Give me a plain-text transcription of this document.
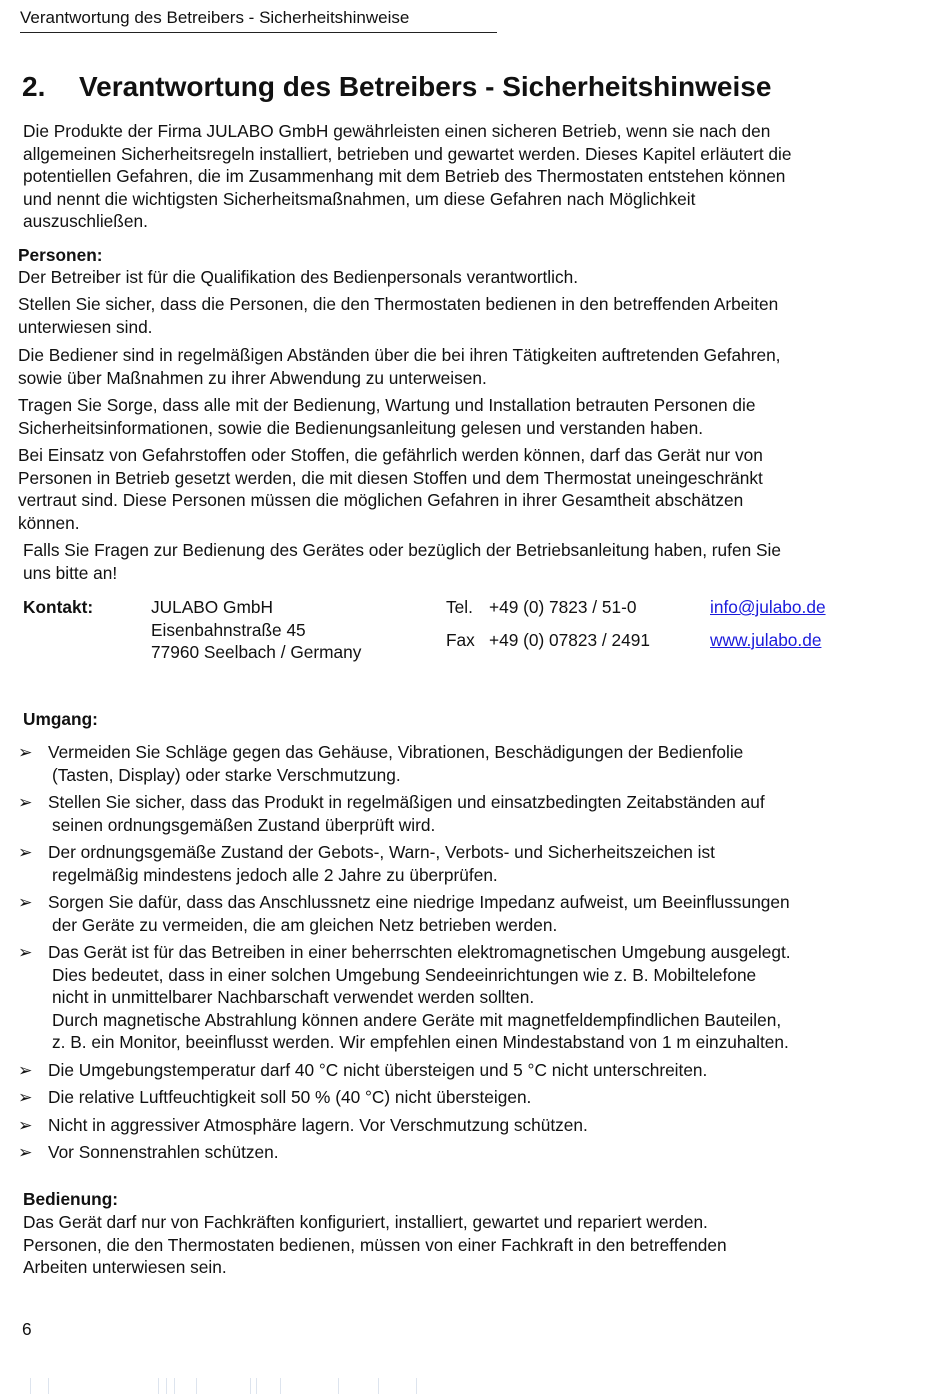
Verantwortung des Betreibers - Sicherheitshinweise
2. Verantwortung des Betreibers - Sicherheitshinweise
Die Produkte der Firma JULABO GmbH gewährleisten einen sicheren Betrieb, wenn sie nach den
allgemeinen Sicherheitsregeln installiert, betrieben und gewartet werden. Dieses Kapitel erläutert die
potentiellen Gefahren, die im Zusammenhang mit dem Betrieb des Thermostaten entstehen können
und nennt die wichtigsten Sicherheitsmaßnahmen, um diese Gefahren nach Möglichkeit
auszuschließen.
Personen:
Der Betreiber ist für die Qualifikation des Bedienpersonals verantwortlich.
Stellen Sie sicher, dass die Personen, die den Thermostaten bedienen in den betreffenden Arbeiten
unterwiesen sind.
Die Bediener sind in regelmäßigen Abständen über die bei ihren Tätigkeiten auftretenden Gefahren,
sowie über Maßnahmen zu ihrer Abwendung zu unterweisen.
Tragen Sie Sorge, dass alle mit der Bedienung, Wartung und Installation betrauten Personen die
Sicherheitsinformationen, sowie die Bedienungsanleitung gelesen und verstanden haben.
Bei Einsatz von Gefahrstoffen oder Stoffen, die gefährlich werden können, darf das Gerät nur von
Personen in Betrieb gesetzt werden, die mit diesen Stoffen und dem Thermostat uneingeschränkt
vertraut sind. Diese Personen müssen die möglichen Gefahren in ihrer Gesamtheit abschätzen
können.
Falls Sie Fragen zur Bedienung des Gerätes oder bezüglich der Betriebsanleitung haben, rufen Sie
uns bitte an!
Kontakt:	JULABO GmbH
Eisenbahnstraße 45
77960 Seelbach / Germany
Tel. +49 (0) 7823 / 51-0
Fax +49 (0) 07823 / 2491
info@julabo.de
www.julabo.de
Umgang:
➢ Vermeiden Sie Schläge gegen das Gehäuse, Vibrationen, Beschädigungen der Bedienfolie
(Tasten, Display) oder starke Verschmutzung.
➢ Stellen Sie sicher, dass das Produkt in regelmäßigen und einsatzbedingten Zeitabständen auf
seinen ordnungsgemäßen Zustand überprüft wird.
➢ Der ordnungsgemäße Zustand der Gebots-, Warn-, Verbots- und Sicherheitszeichen ist
regelmäßig mindestens jedoch alle 2 Jahre zu überprüfen.
➢ Sorgen Sie dafür, dass das Anschlussnetz eine niedrige Impedanz aufweist, um Beeinflussungen
der Geräte zu vermeiden, die am gleichen Netz betrieben werden.
➢ Das Gerät ist für das Betreiben in einer beherrschten elektromagnetischen Umgebung ausgelegt.
Dies bedeutet, dass in einer solchen Umgebung Sendeeinrichtungen wie z. B. Mobiltelefone
nicht in unmittelbarer Nachbarschaft verwendet werden sollten.
Durch magnetische Abstrahlung können andere Geräte mit magnetfeldempfindlichen Bauteilen,
z. B. ein Monitor, beeinflusst werden. Wir empfehlen einen Mindestabstand von 1 m einzuhalten.
➢ Die Umgebungstemperatur darf 40 °C nicht übersteigen und 5 °C nicht unterschreiten.
➢ Die relative Luftfeuchtigkeit soll 50 % (40 °C) nicht übersteigen.
➢ Nicht in aggressiver Atmosphäre lagern. Vor Verschmutzung schützen.
➢ Vor Sonnenstrahlen schützen.
Bedienung:
Das Gerät darf nur von Fachkräften konfiguriert, installiert, gewartet und repariert werden.
Personen, die den Thermostaten bedienen, müssen von einer Fachkraft in den betreffenden
Arbeiten unterwiesen sein.
6
